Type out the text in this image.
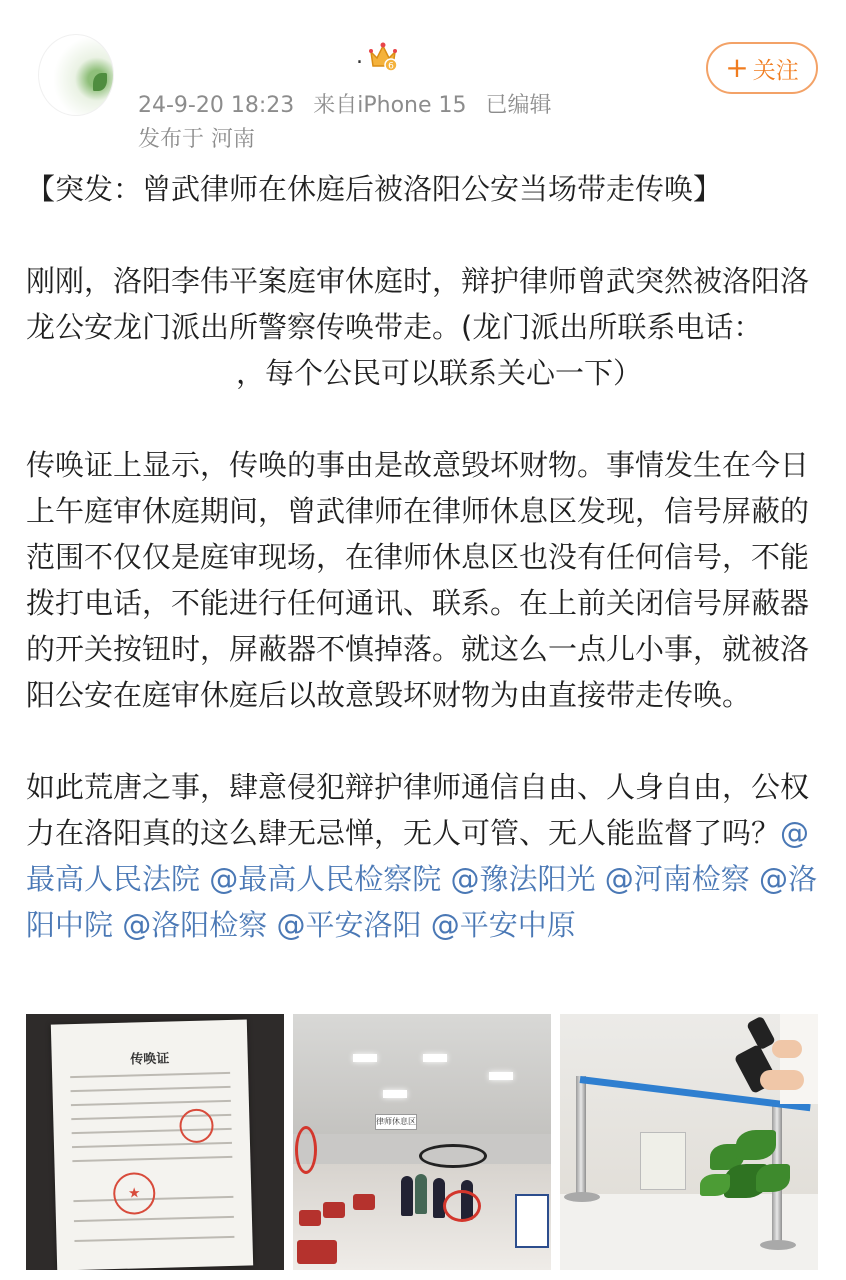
.	6
24-9-20 18:23 来自iPhone 15 已编辑
发布于 河南
+ 关注

【突发：曾武律师在休庭后被洛阳公安当场带走传唤】

刚刚，洛阳李伟平案庭审休庭时，辩护律师曾武突然被洛阳洛龙公安龙门派出所警察传唤带走。(龙门派出所联系电话：，每个公民可以联系关心一下）

传唤证上显示，传唤的事由是故意毁坏财物。事情发生在今日上午庭审休庭期间，曾武律师在律师休息区发现，信号屏蔽的范围不仅仅是庭审现场，在律师休息区也没有任何信号，不能拨打电话，不能进行任何通讯、联系。在上前关闭信号屏蔽器的开关按钮时，屏蔽器不慎掉落。就这么一点儿小事，就被洛阳公安在庭审休庭后以故意毁坏财物为由直接带走传唤。

如此荒唐之事，肆意侵犯辩护律师通信自由、人身自由，公权力在洛阳真的这么肆无忌惮，无人可管、无人能监督了吗？@最高人民法院 @最高人民检察院 @豫法阳光 @河南检察 @洛阳中院 @洛阳检察 @平安洛阳 @平安中原

传唤证
★
律师休息区
